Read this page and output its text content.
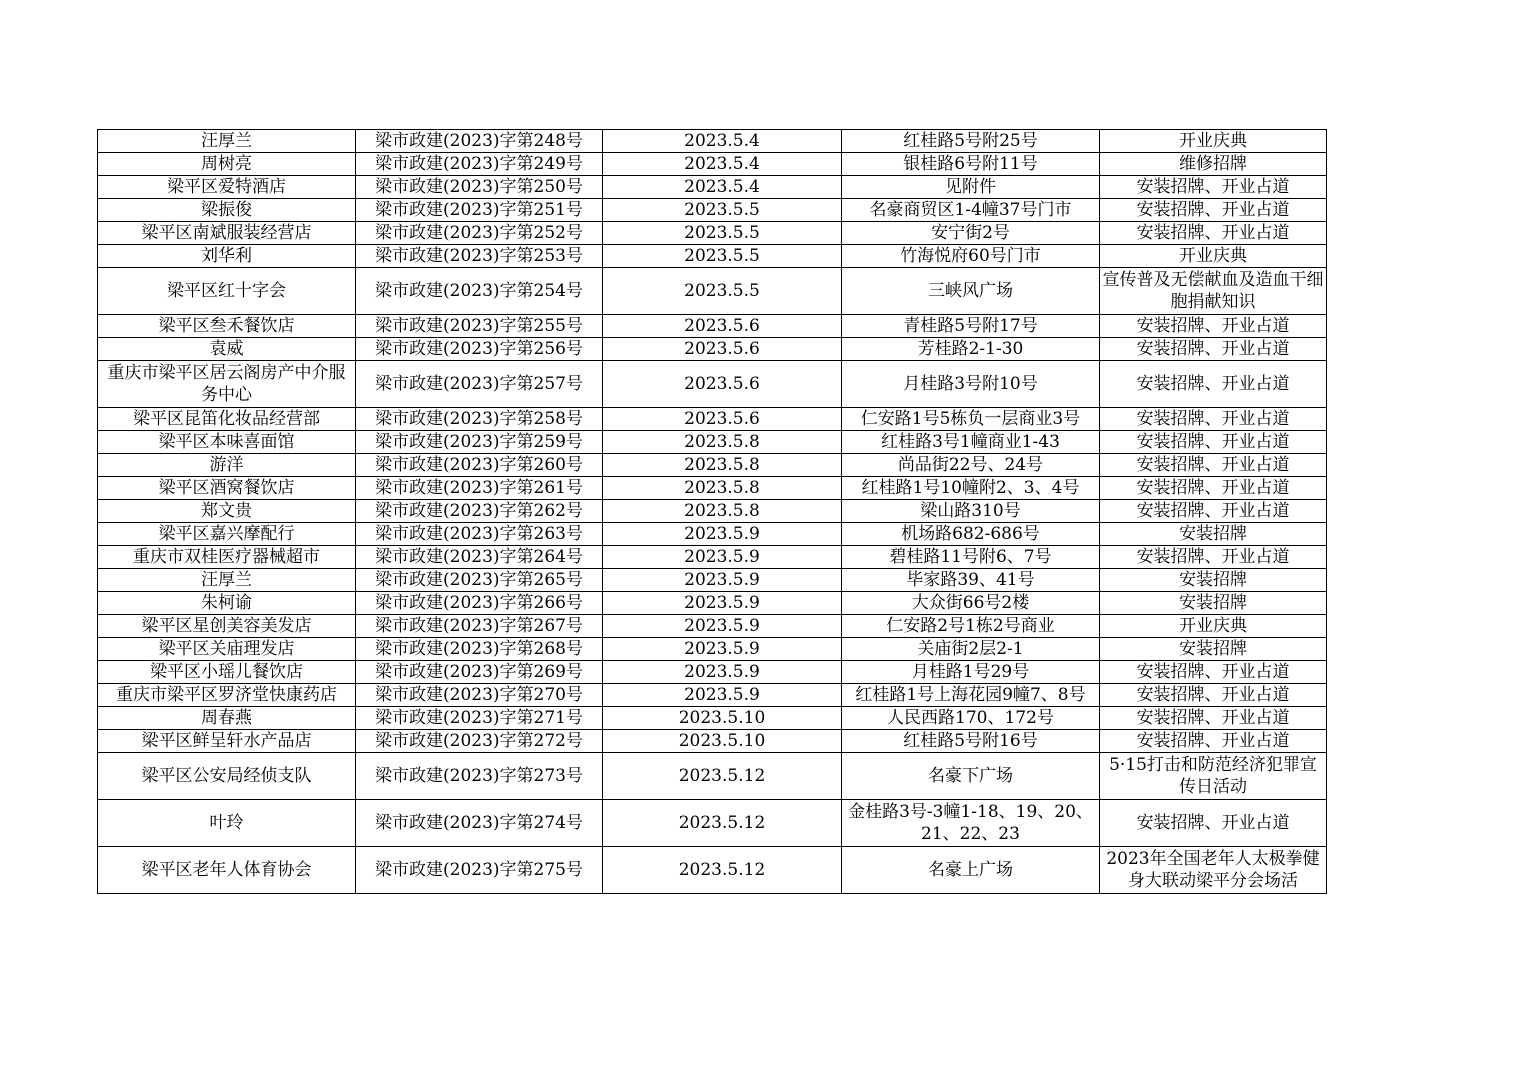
汪厚兰	梁市政建(2023)字第248号	2023.5.4	红桂路5号附25号	开业庆典
周树亮	梁市政建(2023)字第249号	2023.5.4	银桂路6号附11号	维修招牌
梁平区爱特酒店	梁市政建(2023)字第250号	2023.5.4	见附件	安装招牌、开业占道
梁振俊	梁市政建(2023)字第251号	2023.5.5	名豪商贸区1-4幢37号门市	安装招牌、开业占道
梁平区南斌服装经营店	梁市政建(2023)字第252号	2023.5.5	安宁街2号	安装招牌、开业占道
刘华利	梁市政建(2023)字第253号	2023.5.5	竹海悦府60号门市	开业庆典
梁平区红十字会	梁市政建(2023)字第254号	2023.5.5	三峡风广场	宣传普及无偿献血及造血干细胞捐献知识
梁平区叁禾餐饮店	梁市政建(2023)字第255号	2023.5.6	青桂路5号附17号	安装招牌、开业占道
袁威	梁市政建(2023)字第256号	2023.5.6	芳桂路2-1-30	安装招牌、开业占道
重庆市梁平区居云阁房产中介服务中心	梁市政建(2023)字第257号	2023.5.6	月桂路3号附10号	安装招牌、开业占道
梁平区昆笛化妆品经营部	梁市政建(2023)字第258号	2023.5.6	仁安路1号5栋负一层商业3号	安装招牌、开业占道
梁平区本味喜面馆	梁市政建(2023)字第259号	2023.5.8	红桂路3号1幢商业1-43	安装招牌、开业占道
游洋	梁市政建(2023)字第260号	2023.5.8	尚品街22号、24号	安装招牌、开业占道
梁平区酒窝餐饮店	梁市政建(2023)字第261号	2023.5.8	红桂路1号10幢附2、3、4号	安装招牌、开业占道
郑文贵	梁市政建(2023)字第262号	2023.5.8	梁山路310号	安装招牌、开业占道
梁平区嘉兴摩配行	梁市政建(2023)字第263号	2023.5.9	机场路682-686号	安装招牌
重庆市双桂医疗器械超市	梁市政建(2023)字第264号	2023.5.9	碧桂路11号附6、7号	安装招牌、开业占道
汪厚兰	梁市政建(2023)字第265号	2023.5.9	毕家路39、41号	安装招牌
朱柯谕	梁市政建(2023)字第266号	2023.5.9	大众街66号2楼	安装招牌
梁平区星创美容美发店	梁市政建(2023)字第267号	2023.5.9	仁安路2号1栋2号商业	开业庆典
梁平区关庙理发店	梁市政建(2023)字第268号	2023.5.9	关庙街2层2-1	安装招牌
梁平区小瑶儿餐饮店	梁市政建(2023)字第269号	2023.5.9	月桂路1号29号	安装招牌、开业占道
重庆市梁平区罗济堂快康药店	梁市政建(2023)字第270号	2023.5.9	红桂路1号上海花园9幢7、8号	安装招牌、开业占道
周春燕	梁市政建(2023)字第271号	2023.5.10	人民西路170、172号	安装招牌、开业占道
梁平区鲜呈轩水产品店	梁市政建(2023)字第272号	2023.5.10	红桂路5号附16号	安装招牌、开业占道
梁平区公安局经侦支队	梁市政建(2023)字第273号	2023.5.12	名豪下广场	5·15打击和防范经济犯罪宣传日活动
叶玲	梁市政建(2023)字第274号	2023.5.12	金桂路3号-3幢1-18、19、20、21、22、23	安装招牌、开业占道
梁平区老年人体育协会	梁市政建(2023)字第275号	2023.5.12	名豪上广场	2023年全国老年人太极拳健身大联动梁平分会场活
